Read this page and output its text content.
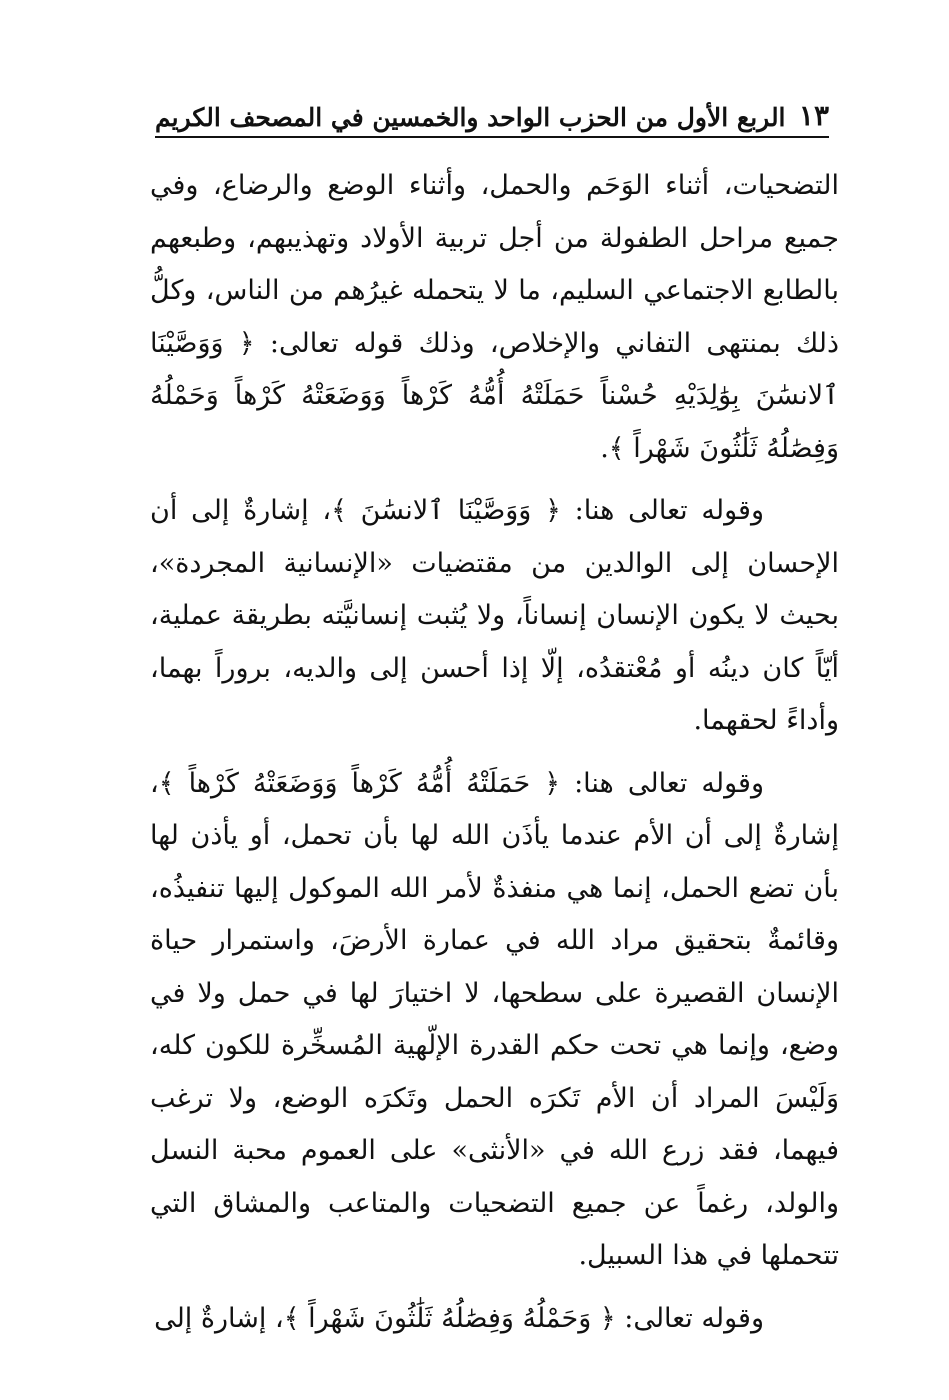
الربع الأول من الحزب الواحد والخمسين في المصحف الكريم ١٣

التضحيات، أثناء الوَحَم والحمل، وأثناء الوضع والرضاع، وفي جميع مراحل الطفولة من أجل تربية الأولاد وتهذيبهم، وطبعهم بالطابع الاجتماعي السليم، ما لا يتحمله غيرُهم من الناس، وكلُّ ذلك بمنتهى التفاني والإخلاص، وذلك قوله تعالى: ﴿ وَوَصَّيْنَا ٱلانسَٰنَ بِوَٰلِدَيْهِ حُسْناً حَمَلَتْهُ أُمُّهُ كَرْهاً وَوَضَعَتْهُ كَرْهاً وَحَمْلُهُ وَفِصَٰلُهُ ثَلَٰثُونَ شَهْراً ﴾.

وقوله تعالى هنا: ﴿ وَوَصَّيْنَا ٱلانسَٰنَ ﴾، إشارةٌ إلى أن الإحسان إلى الوالدين من مقتضيات «الإنسانية المجردة»، بحيث لا يكون الإنسان إنساناً، ولا يُثبت إنسانيَّته بطريقة عملية، أيّاً كان دينُه أو مُعْتقدُه، إلّا إذا أحسن إلى والديه، بروراً بهما، وأداءً لحقهما.

وقوله تعالى هنا: ﴿ حَمَلَتْهُ أُمُّهُ كَرْهاً وَوَضَعَتْهُ كَرْهاً ﴾، إشارةٌ إلى أن الأم عندما يأذَن الله لها بأن تحمل، أو يأذن لها بأن تضع الحمل، إنما هي منفذةٌ لأمر الله الموكول إليها تنفيذُه، وقائمةٌ بتحقيق مراد الله في عمارة الأرضَ، واستمرار حياة الإنسان القصيرة على سطحها، لا اختيارَ لها في حمل ولا في وضع، وإنما هي تحت حكم القدرة الإلّهية المُسخِّرة للكون كله، وَلَيْسَ المراد أن الأم تَكرَه الحمل وتَكرَه الوضع، ولا ترغب فيهما، فقد زرع الله في «الأنثى» على العموم محبة النسل والولد، رغماً عن جميع التضحيات والمتاعب والمشاق التي تتحملها في هذا السبيل.

وقوله تعالى: ﴿ وَحَمْلُهُ وَفِصَٰلُهُ ثَلَٰثُونَ شَهْراً ﴾، إشارةٌ إلى
